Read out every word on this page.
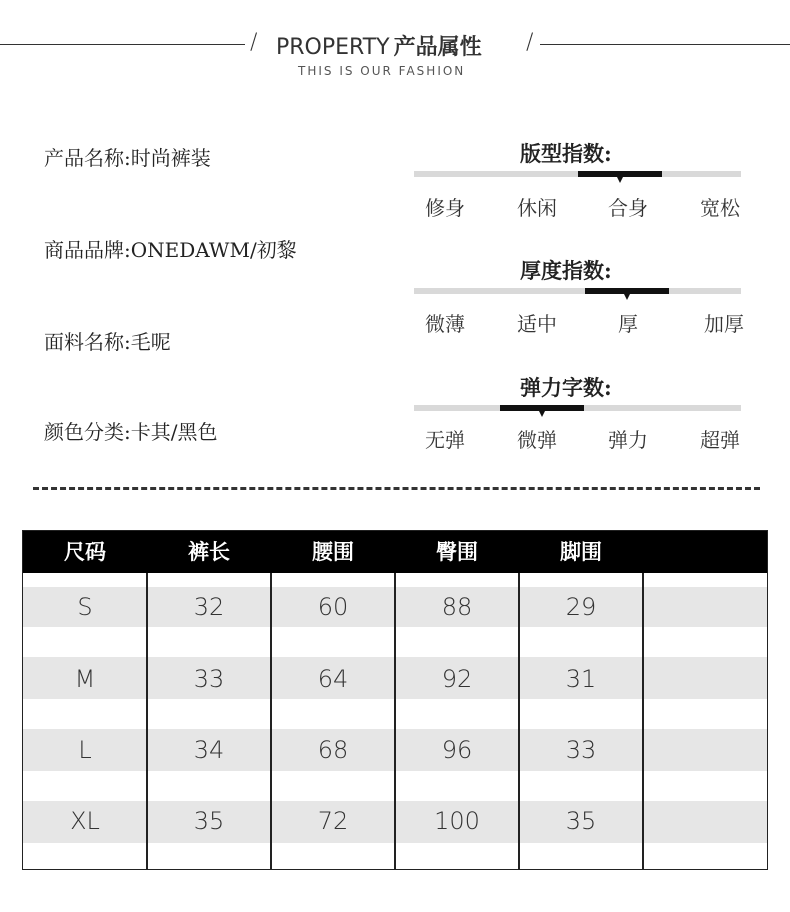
/ PROPERTY 产品属性 /
THIS IS OUR FASHION
产品名称:时尚裤装
商品品牌:ONEDAWM/初黎
面料名称:毛呢
颜色分类:卡其/黑色
版型指数:
修身	休闲	合身	宽松
厚度指数:
微薄	适中	厚	加厚
弹力字数:
无弹	微弹	弹力	超弹
尺码	裤长	腰围	臀围	脚围
S	32	60	88	29
M	33	64	92	31
L	34	68	96	33
XL	35	72	100	35
